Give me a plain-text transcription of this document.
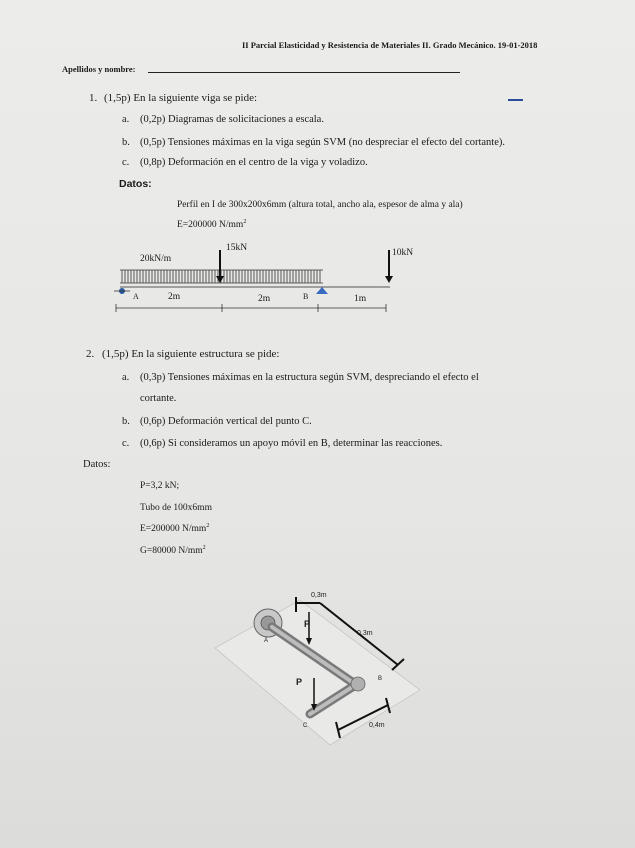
II Parcial Elasticidad y Resistencia de Materiales II. Grado Mecánico. 19-01-2018
Apellidos y nombre:
1. (1,5p) En la siguiente viga se pide:
a. (0,2p) Diagramas de solicitaciones a escala.
b. (0,5p) Tensiones máximas en la viga según SVM (no despreciar el efecto del cortante).
c. (0,8p) Deformación en el centro de la viga y voladizo.
Datos:
Perfil en I de 300x200x6mm (altura total, ancho ala, espesor de alma y ala)
E=200000 $N/mm^2$
20kN/m
15kN	10kN
A	B
2m	2m	1m
2. (1,5p) En la siguiente estructura se pide:
a. (0,3p) Tensiones máximas en la estructura según SVM, despreciando el efecto el
cortante.
b. (0,6p) Deformación vertical del punto C.
c. (0,6p) Si consideramos un apoyo móvil en B, determinar las reacciones.
Datos:
P=3,2 kN;
Tubo de 100x6mm
E=200000 $N/mm^2$
G=80000 $N/mm^2$
0,3m
0,3m
0,4m
P
P
A
B
C
